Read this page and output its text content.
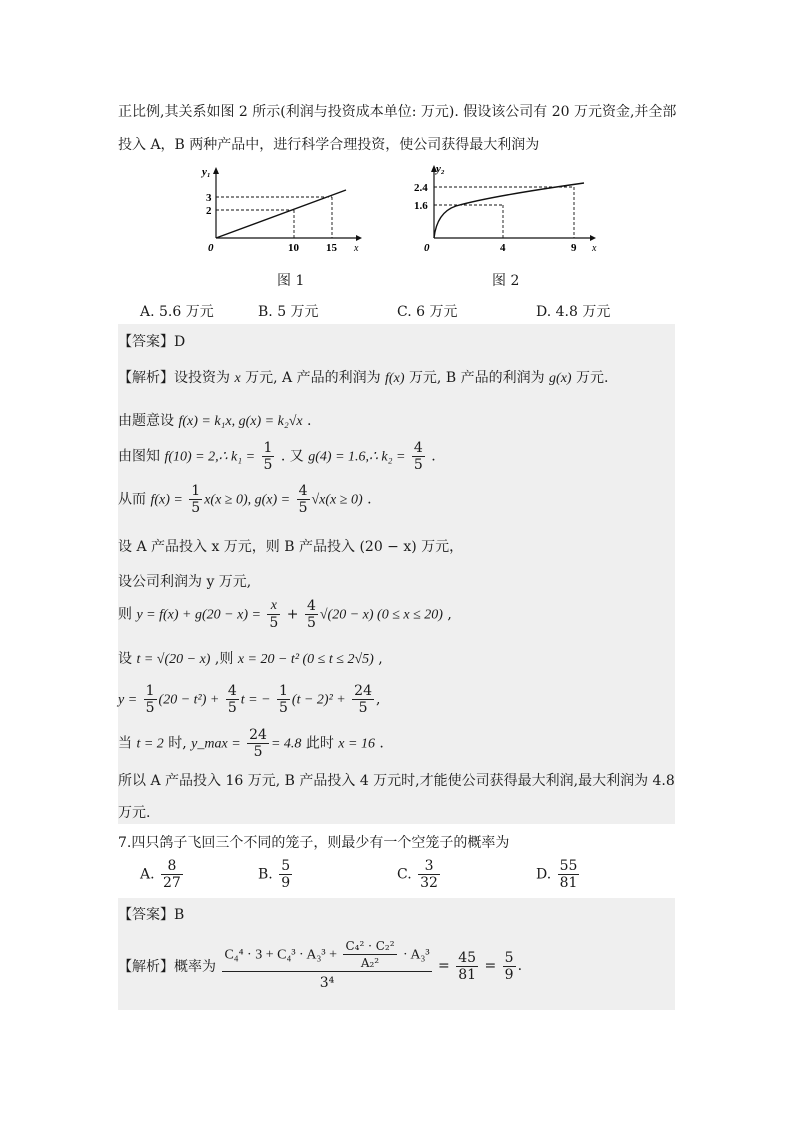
正比例,其关系如图 2 所示(利润与投资成本单位: 万元). 假设该公司有 20 万元资金,并全部
投入 A，B 两种产品中，进行科学合理投资，使公司获得最大利润为
y₁
x
0
3
2
10 15
图 1
y₂
x
0
2.4
1.6
4	9
图 2
A. 5.6 万元	B. 5 万元	C. 6 万元	D. 4.8 万元
【答案】D
【解析】设投资为 x 万元, A 产品的利润为 f(x) 万元, B 产品的利润为 g(x) 万元.
由题意设 f(x) = k₁x, g(x) = k₂√x .
由图知 f(10) = 2,∴ $k_1 = \frac{1}{5}$ . 又 g(4) = 1.6,∴ $k_2 = \frac{4}{5}$ .
从而 $f(x) = \frac{1}{5} x(x \ge 0)$, $g(x) = \frac{4}{5} √x(x \ge 0)$ .
设 A 产品投入 x 万元，则 B 产品投入 (20 − x) 万元，
设公司利润为 y 万元,
则 $y = f(x) + g(20 - x) = \frac{x}{5} + \frac{4}{5} √(20 - x) (0 \le x \le 20)$ ,
设 t = √(20 − x) ,则 x = 20 − t² (0 ≤ t ≤ 2√5) ,
$y = \frac{1}{5} (20 - t^2) + \frac{4}{5}$ t = − $\frac{1}{5} (t - 2)^2 + \frac{24}{5}$ ,
当 t = 2 时, y_max = $\frac{24}{5} = 4.8$ 此时 x = 16 .
所以 A 产品投入 16 万元, B 产品投入 4 万元时,才能使公司获得最大利润,最大利润为 4.8
万元.
7.四只鸽子飞回三个不同的笼子，则最少有一个空笼子的概率为
A. $\frac{8}{27}$	B. $\frac{5}{9}$	C. $\frac{3}{32}$	D. $\frac{55}{81}$
【答案】B
【解析】概率为 $\frac{C_4^4 \cdot 3 + C_4^3 \cdot A_3^3 + \frac{\text{C₄² · C₂²}}{\text{A₂²}} \cdot A_3^3}{\text{3⁴}} = \frac{45}{81} = \frac{5}{9}$ .
